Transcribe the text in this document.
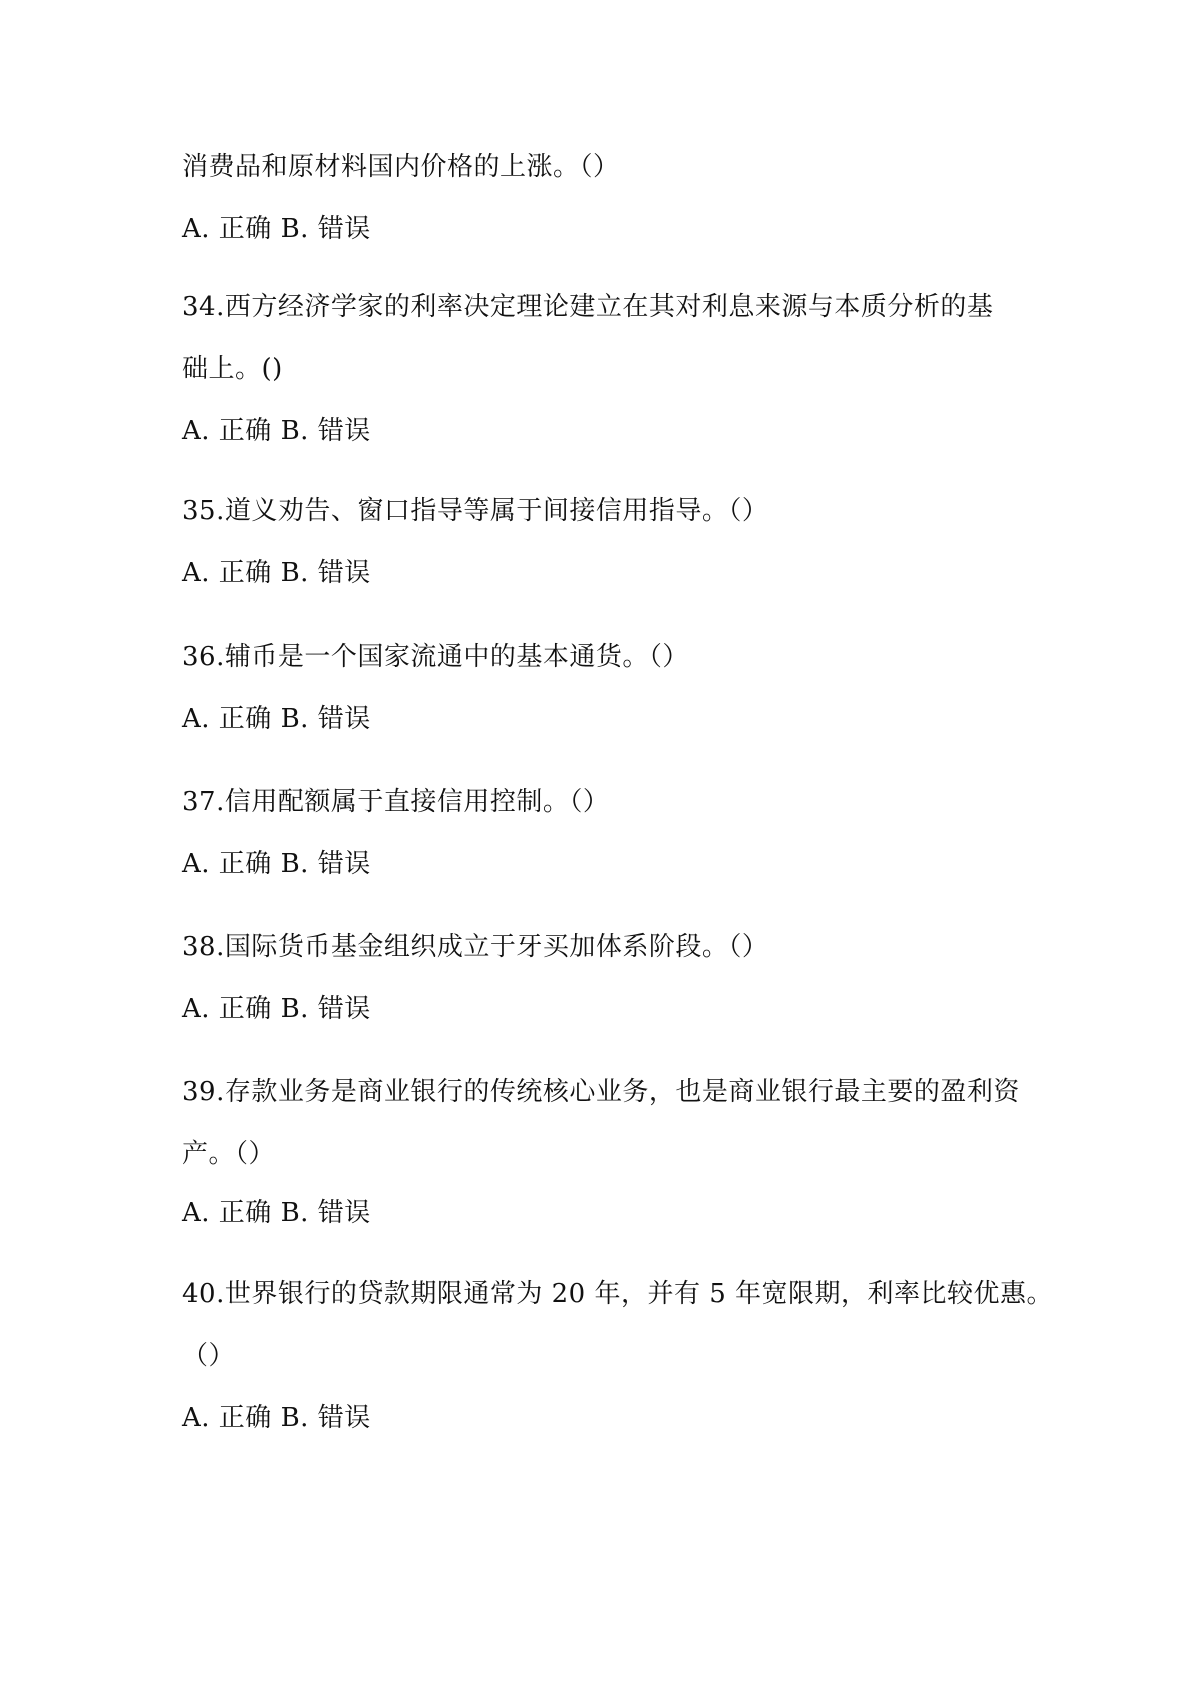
消费品和原材料国内价格的上涨。（）
A. 正确 B. 错误
34.西方经济学家的利率决定理论建立在其对利息来源与本质分析的基
础上。()
A. 正确 B. 错误
35.道义劝告、窗口指导等属于间接信用指导。（）
A. 正确 B. 错误
36.辅币是一个国家流通中的基本通货。（）
A. 正确 B. 错误
37.信用配额属于直接信用控制。（）
A. 正确 B. 错误
38.国际货币基金组织成立于牙买加体系阶段。（）
A. 正确 B. 错误
39.存款业务是商业银行的传统核心业务，也是商业银行最主要的盈利资
产。（）
A. 正确 B. 错误
40.世界银行的贷款期限通常为 20 年，并有 5 年宽限期，利率比较优惠。
（）
A. 正确 B. 错误
